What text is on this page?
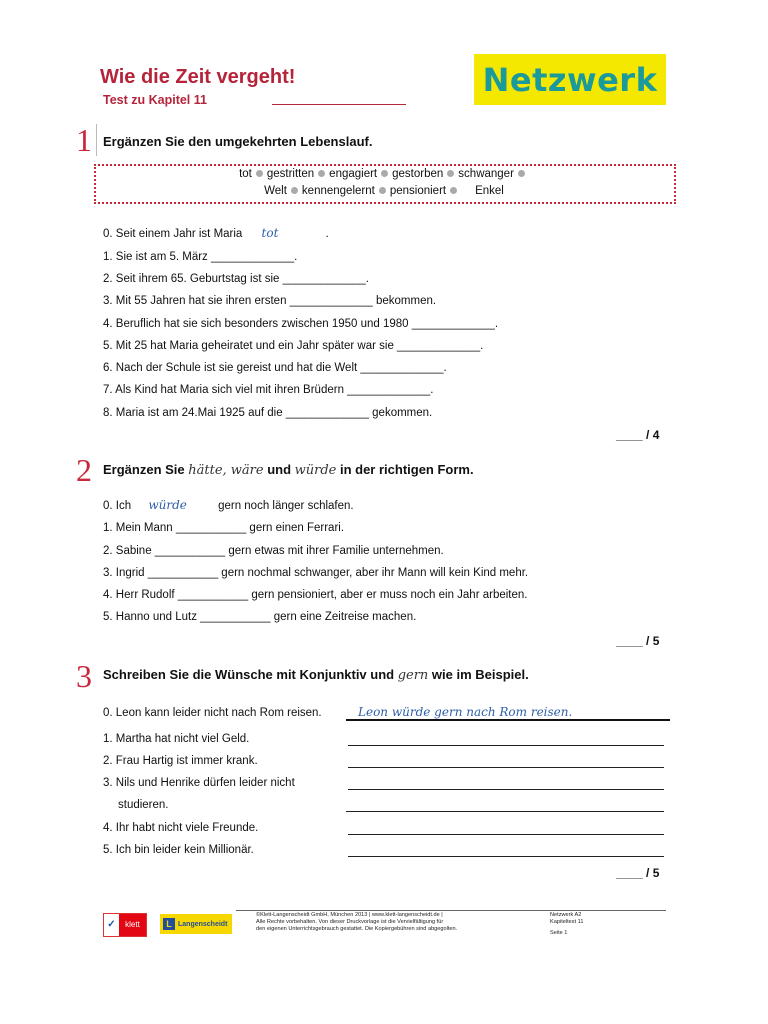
Wie die Zeit vergeht!
Test zu Kapitel 11
Netzwerk
1 Ergänzen Sie den umgekehrten Lebenslauf.
tot gestritten engagiert gestorben schwanger
Welt kennengelernt pensioniert	Enkel
0. Seit einem Jahr ist Maria tot	.
1. Sie ist am 5. März _____________.
2. Seit ihrem 65. Geburtstag ist sie _____________.
3. Mit 55 Jahren hat sie ihren ersten _____________ bekommen.
4. Beruflich hat sie sich besonders zwischen 1950 und 1980 _____________.
5. Mit 25 hat Maria geheiratet und ein Jahr später war sie _____________.
6. Nach der Schule ist sie gereist und hat die Welt _____________.
7. Als Kind hat Maria sich viel mit ihren Brüdern _____________.
8. Maria ist am 24.Mai 1925 auf die _____________ gekommen.
____ / 4
2 Ergänzen Sie hätte, wäre und würde in der richtigen Form.
0. Ich würde	gern noch länger schlafen.
1. Mein Mann ___________ gern einen Ferrari.
2. Sabine ___________ gern etwas mit ihrer Familie unternehmen.
3. Ingrid ___________ gern nochmal schwanger, aber ihr Mann will kein Kind mehr.
4. Herr Rudolf ___________ gern pensioniert, aber er muss noch ein Jahr arbeiten.
5. Hanno und Lutz ___________ gern eine Zeitreise machen.
____ / 5
3 Schreiben Sie die Wünsche mit Konjunktiv und gern wie im Beispiel.
0. Leon kann leider nicht nach Rom reisen.	Leon würde gern nach Rom reisen.
1. Martha hat nicht viel Geld.
2. Frau Hartig ist immer krank.
3. Nils und Henrike dürfen leider nicht
studieren.
4. Ihr habt nicht viele Freunde.
5. Ich bin leider kein Millionär.
____ / 5
✓	klett	L Langenscheidt
©Klett-Langenscheidt GmbH, München 2013 | www.klett-langenscheidt.de |
Alle Rechte vorbehalten. Von dieser Druckvorlage ist die Vervielfältigung für
den eigenen Unterrichtsgebrauch gestattet. Die Kopiergebühren sind abgegolten.
Netzwerk A2
Kapiteltest 11
Seite 1
